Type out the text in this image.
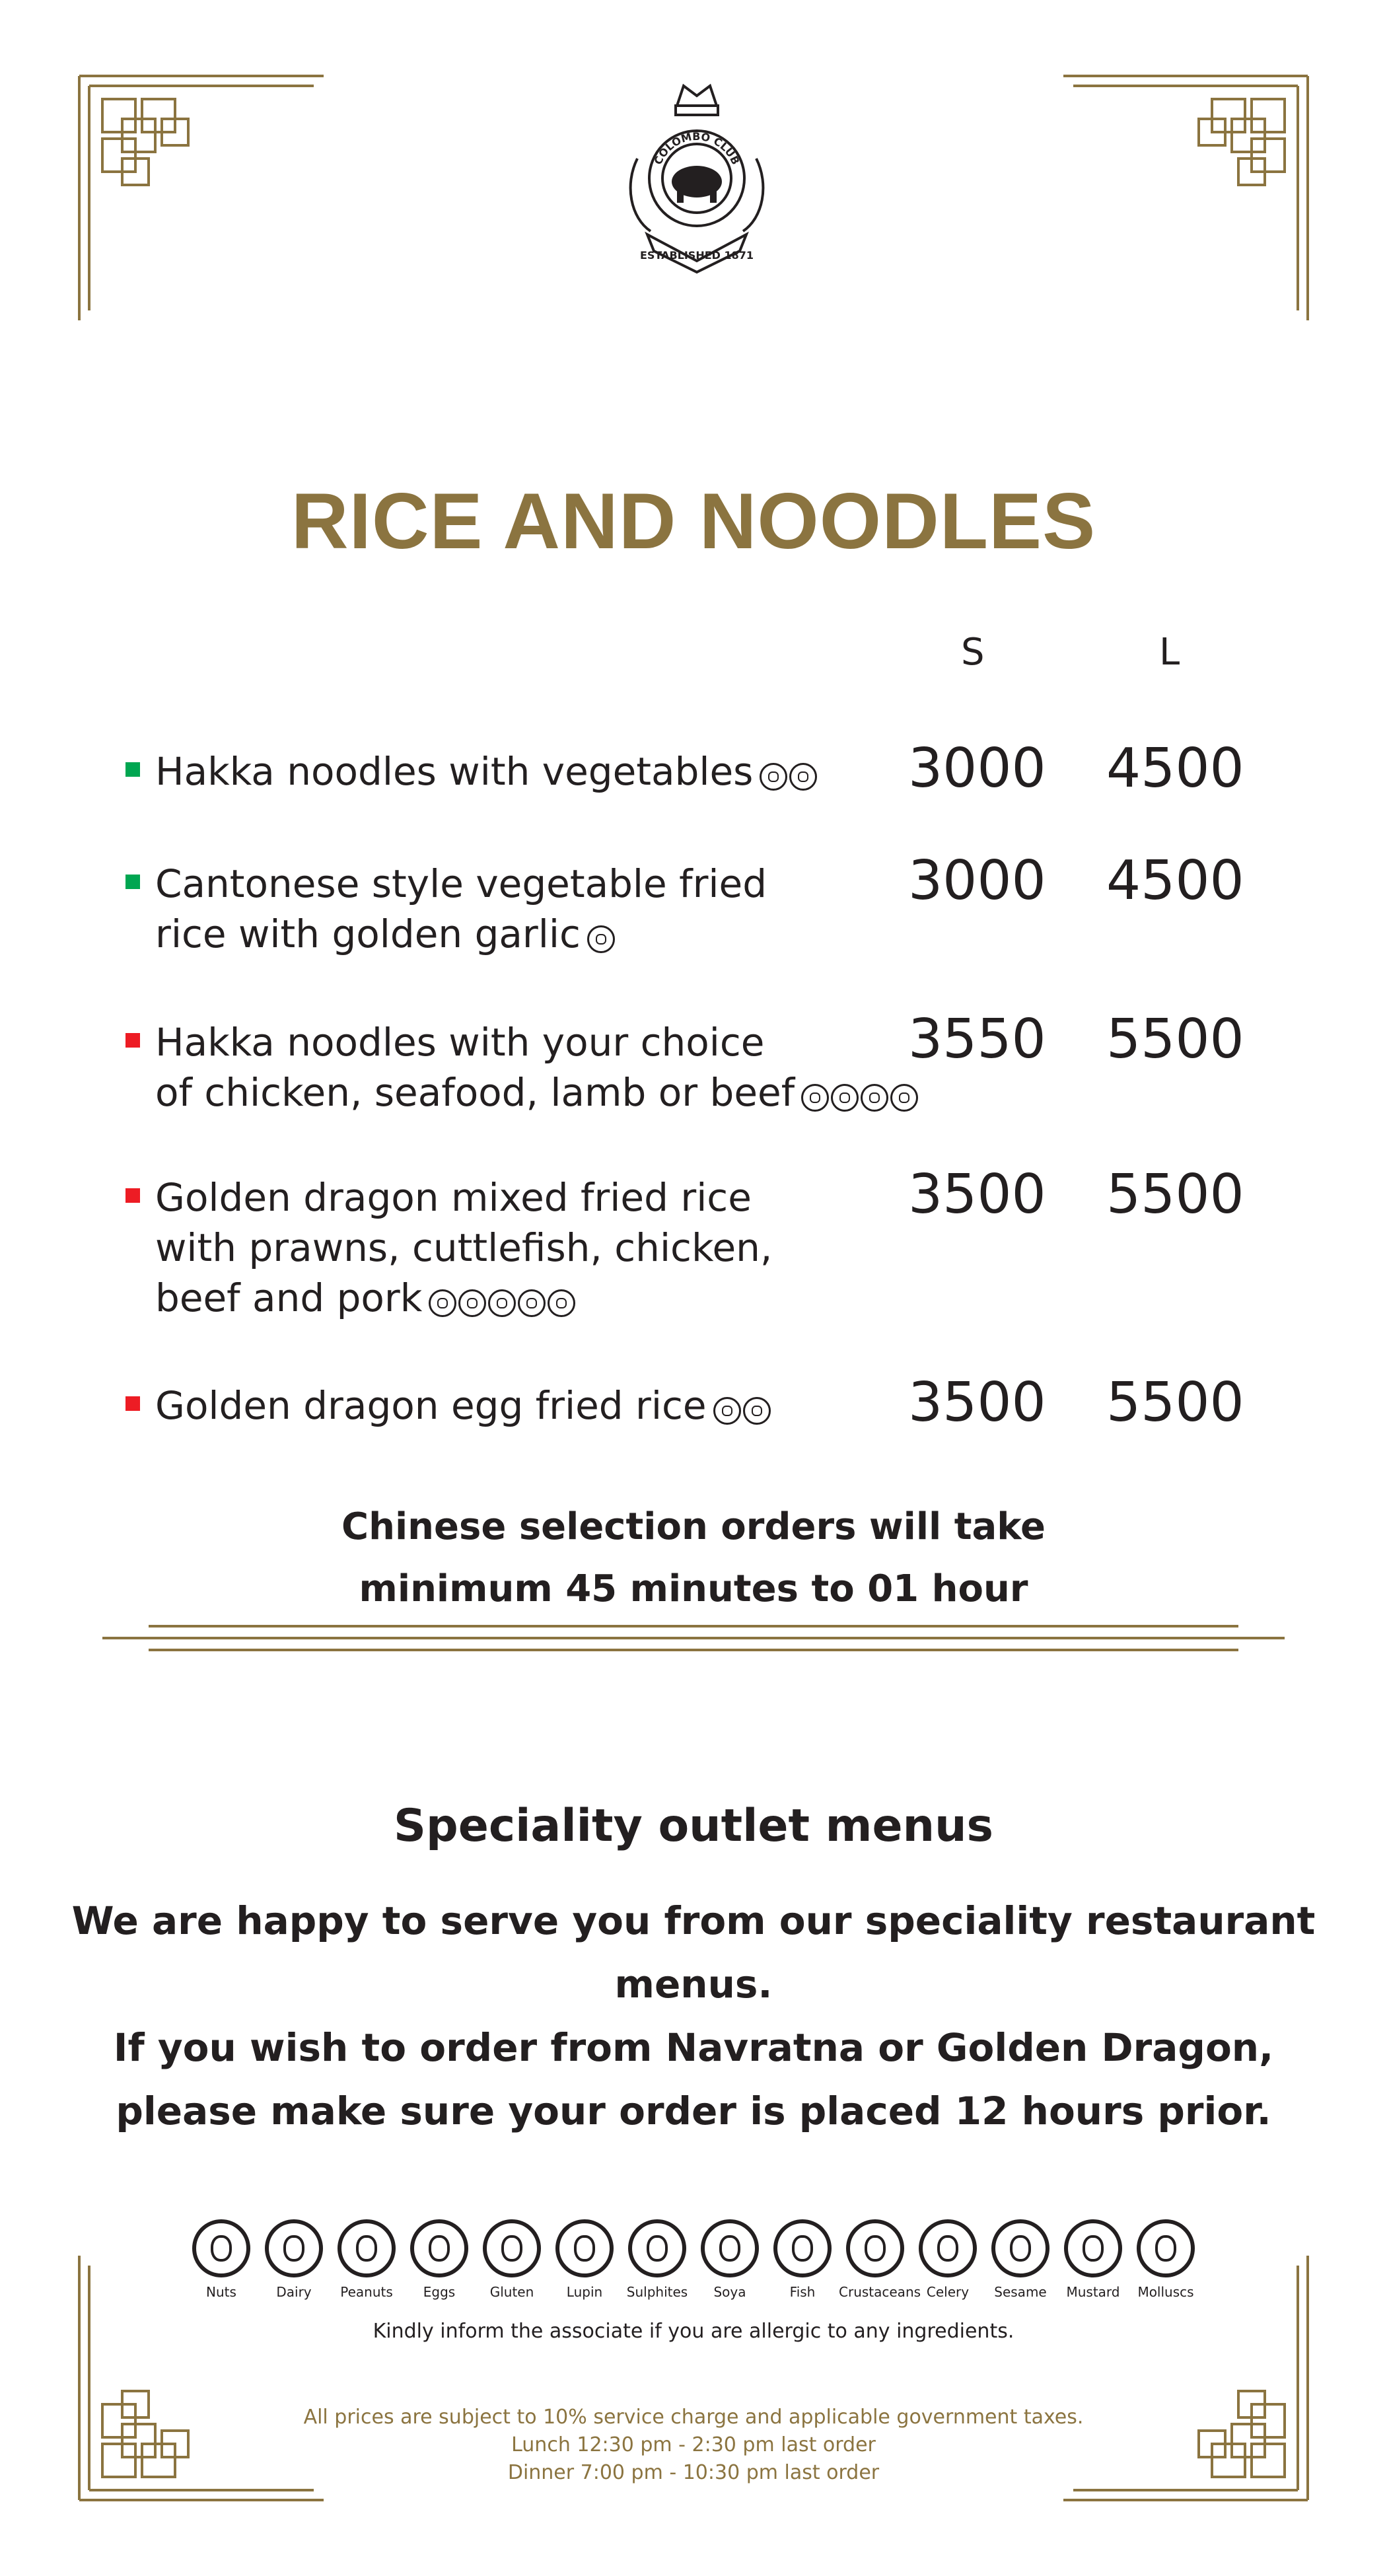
COLOMBO CLUB
ESTABLISHED 1871
RICE AND NOODLES
S	L
Hakka noodles with vegetables	3000 4500
Cantonese style vegetable fried
rice with golden garlic
3000 4500
Hakka noodles with your choice
of chicken, seafood, lamb or beef
3550 5500
Golden dragon mixed fried rice
with prawns, cuttlefish, chicken,
beef and pork
3500 5500
Golden dragon egg fried rice	3500 5500
Chinese selection orders will take
minimum 45 minutes to 01 hour
Speciality outlet menus
We are happy to serve you from our speciality restaurant menus.
If you wish to order from Navratna or Golden Dragon,
please make sure your order is placed 12 hours prior.
Nuts	Dairy	Peanuts	Eggs	Gluten	Lupin	Sulphites	Soya	Fish	Crustaceans Celery	Sesame	Mustard	Molluscs
Kindly inform the associate if you are allergic to any ingredients.
All prices are subject to 10% service charge and applicable government taxes.
Lunch 12:30 pm - 2:30 pm last order
Dinner 7:00 pm - 10:30 pm last order
